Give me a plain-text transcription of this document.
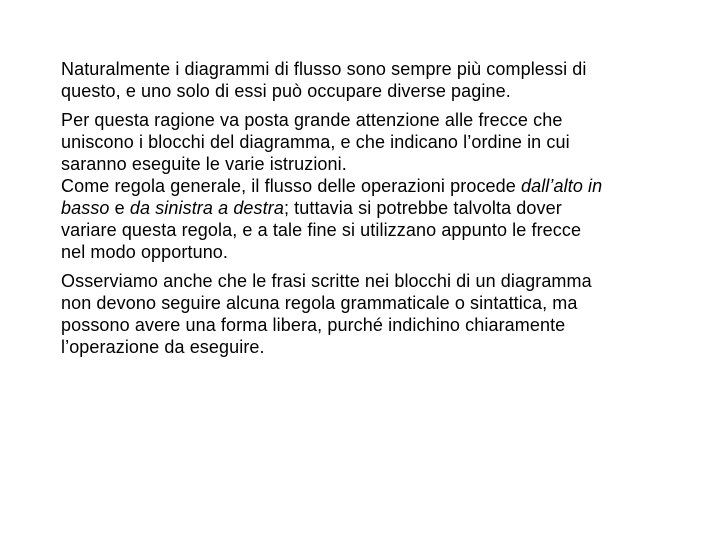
Naturalmente i diagrammi di flusso sono sempre più complessi di
questo, e uno solo di essi può occupare diverse pagine.

Per questa ragione va posta grande attenzione alle frecce che
uniscono i blocchi del diagramma, e che indicano l’ordine in cui
saranno eseguite le varie istruzioni.

Come regola generale, il flusso delle operazioni procede dall’alto in
basso e da sinistra a destra; tuttavia si potrebbe talvolta dover
variare questa regola, e a tale fine si utilizzano appunto le frecce
nel modo opportuno.

Osserviamo anche che le frasi scritte nei blocchi di un diagramma
non devono seguire alcuna regola grammaticale o sintattica, ma
possono avere una forma libera, purché indichino chiaramente
l’operazione da eseguire.
